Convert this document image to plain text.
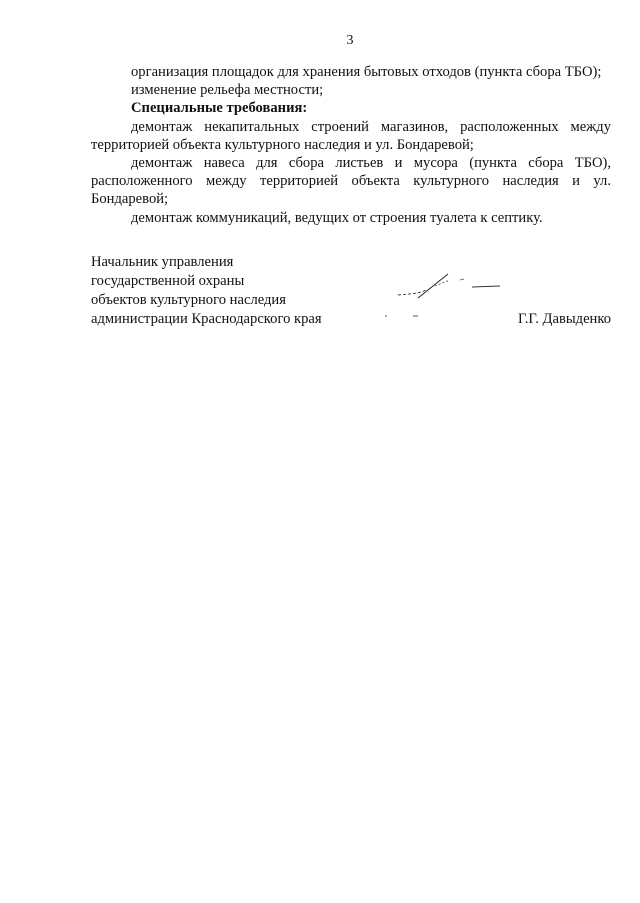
3

организация площадок для хранения бытовых отходов (пункта сбора ТБО);

изменение рельефа местности;

Специальные требования:

демонтаж некапитальных строений магазинов, расположенных между территорией объекта культурного наследия и ул. Бондаревой;

демонтаж навеса для сбора листьев и мусора (пункта сбора ТБО), расположенного между территорией объекта культурного наследия и ул. Бондаревой;

демонтаж коммуникаций, ведущих от строения туалета к септику.

Начальник управления

государственной охраны

объектов культурного наследия

администрации Краснодарского края	Г.Г. Давыденко
